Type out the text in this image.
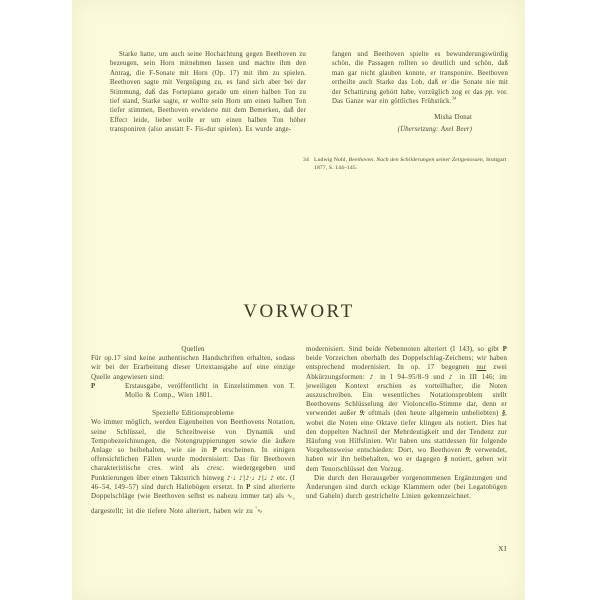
Starke hatte, um auch seine Hochachtung gegen Beethoven zu bezeugen, sein Horn mitnehmen lassen und machte ihm den Antrag, die F-Sonate mit Horn (Op. 17) mit ihm zu spielen. Beethoven sagte mit Vergnügung zu, es fand sich aber bei der Stimmung, daß das Fortepiano gerade um einen halben Ton zu tief stand, Starke sagte, er wollte sein Horn um einen halben Ton tiefer stimmen, Beethoven erwiderte mit dem Bemerken, daß der Effect leide, lieber wolle er um einen halben Ton höher transponiren (also anstatt F- Fis-dur spielen). Es wurde ange-
fangen und Beethoven spielte es bewunderungswürdig schön, die Passagen rollten so deutlich und schön, daß man gar nicht glauben konnte, er transponire. Beethoven ertheilte auch Starke das Lob, daß er die Sonate nie mit der Schattirung gehört habe, vorzüglich zog er das pp. vor. Das Ganze war ein göttliches Frühstück.$^{34}$
Misha Donat
(Übersetzung: Axel Beer)
34 Ludwig Nohl, Beethoven. Nach den Schilderungen seiner Zeitgenossen, Stuttgart 1877, S. 144–145.
VORWORT

Quellen

Für op.17 sind keine authentischen Handschriften erhalten, sodass wir bei der Erarbeitung dieser Urtextausgabe auf eine einzige Quelle angewiesen sind:

P	Erstausgabe, veröffentlicht in Einzelstimmen von T. Mollo & Comp., Wien 1801.

Spezielle Editionsprobleme

Wo immer möglich, werden Eigenheiten von Beethovens Notation, seine Schlüssel, die Schreibweise von Dynamik und Tempobezeichnungen, die Notengruppierungen sowie die äußere Anlage so beibehalten, wie sie in P erscheinen. In einigen offensichtlichen Fällen wurde modernisiert: Das für Beethoven charakteristische cres. wird als cresc. wiedergegeben und Punktierungen über einen Taktstrich hinweg ♪·♩ ♪|♪·♩ ♪|♩ ♪ etc. (I 46–54, 149–57) sind durch Haltebögen ersetzt. In P sind alterierte Doppelschläge (wie Beethoven selbst es nahezu immer tat) als $∿_♭$ dargestellt; ist die tiefere Note alteriert, haben wir zu ♮∿

modernisiert. Sind beide Nebennoten alteriert (I 143), so gibt P beide Vorzeichen oberhalb des Doppelschlag-Zeichens; wir haben entsprechend modernisiert. In op. 17 begegnen nur zwei Abkürzungsformen: ♪ in I 94–95/8–9 und ♪ in III 146; im jeweiligen Kontext erschien es vorteilhafter, die Noten auszuschreiben. Ein wesentliches Notationsproblem stellt Beethovens Schlüsselung der Violoncello-Stimme dar, denn er verwendet außer 9: oftmals (den heute allgemein unbeliebten) §, wobei die Noten eine Oktave tiefer klingen als notiert. Dies hat den doppelten Nachteil der Mehrdeutigkeit und der Tendenz zur Häufung von Hilfslinien. Wir haben uns stattdessen für folgende Vorgehensweise entschieden: Dort, wo Beethoven 9: verwendet, haben wir ihn beibehalten, wo er dagegen § notiert, geben wir dem Tenorschlüssel den Vorzug.

Die durch den Herausgeber vorgenommenen Ergänzungen und Änderungen sind durch eckige Klammern oder (bei Legatobögen und Gabeln) durch gestrichelte Linien gekennzeichnet.

XI
